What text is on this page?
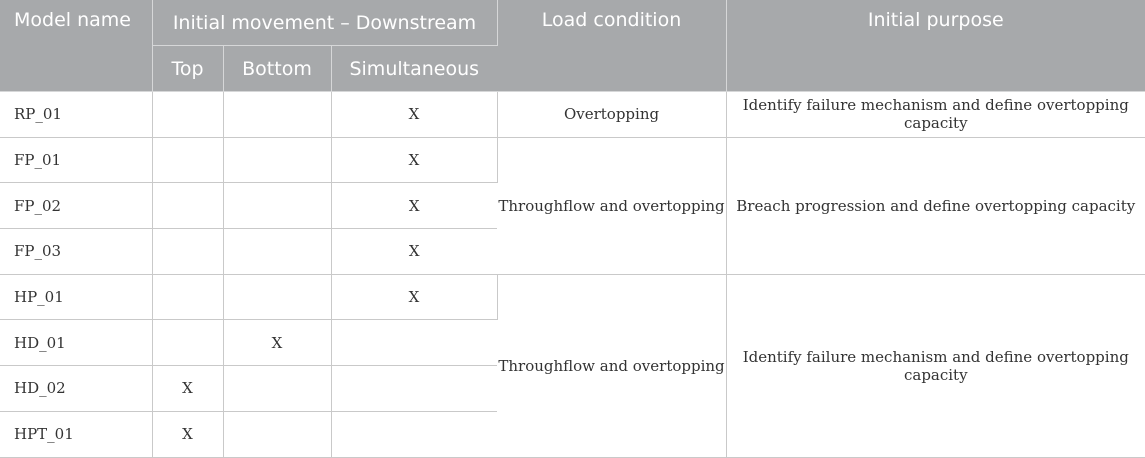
Model name	Initial movement – Downstream			Load condition	Initial purpose
	Top	Bottom	Simultaneous		
RP_01			X	Overtopping	Identify failure mechanism and define overtopping capacity
FP_01			X	Throughflow and overtopping	Breach progression and define overtopping capacity
FP_02			X		
FP_03			X		
HP_01			X	Throughflow and overtopping	Identify failure mechanism and define overtopping capacity
HD_01		X			
HD_02	X				
HPT_01	X				
